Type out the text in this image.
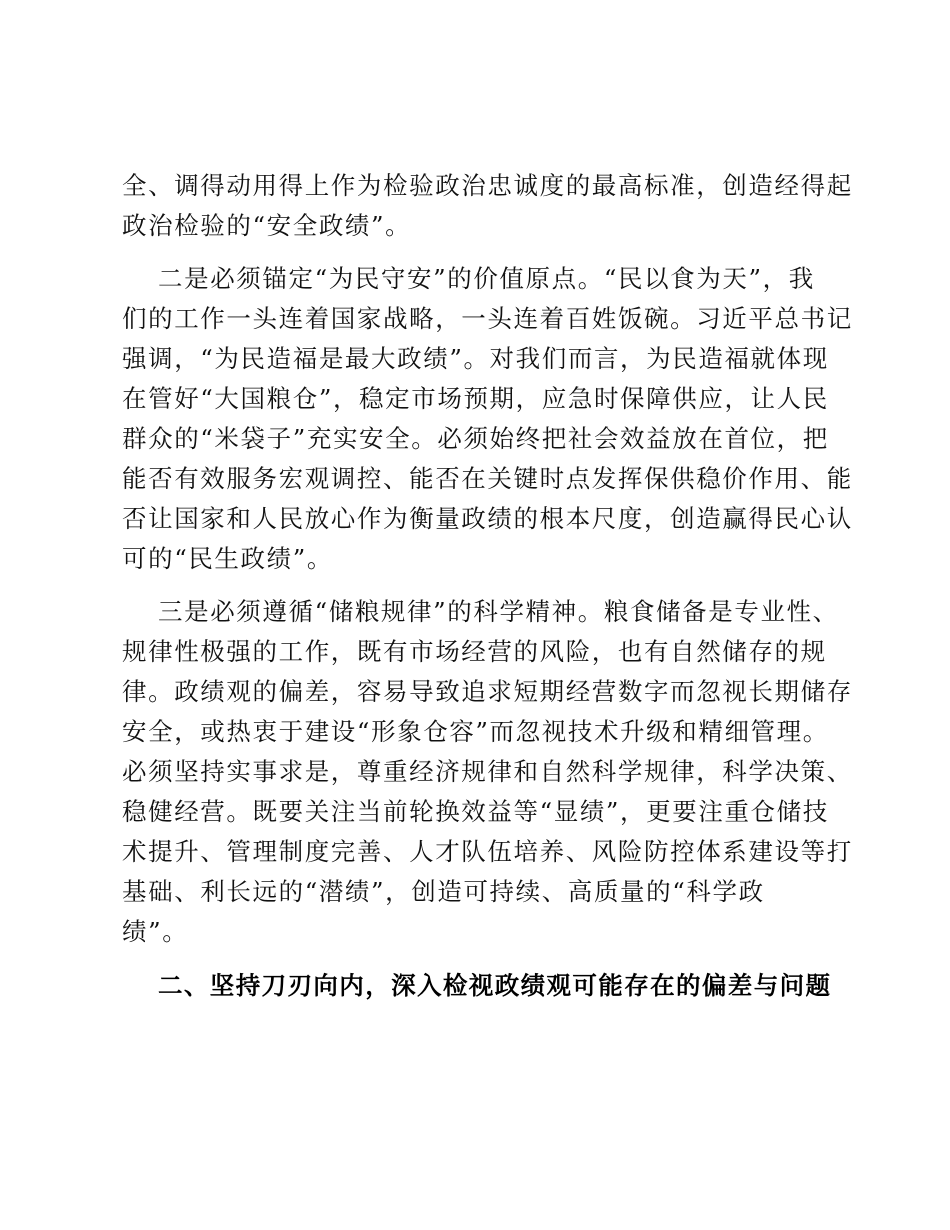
全、调得动用得上作为检验政治忠诚度的最高标准，创造经得起

政治检验的“安全政绩”。

二是必须锚定“为民守安”的价值原点。“民以食为天”，我

们的工作一头连着国家战略，一头连着百姓饭碗。习近平总书记

强调，“为民造福是最大政绩”。对我们而言，为民造福就体现

在管好“大国粮仓”，稳定市场预期，应急时保障供应，让人民

群众的“米袋子”充实安全。必须始终把社会效益放在首位，把

能否有效服务宏观调控、能否在关键时点发挥保供稳价作用、能

否让国家和人民放心作为衡量政绩的根本尺度，创造赢得民心认

可的“民生政绩”。

三是必须遵循“储粮规律”的科学精神。粮食储备是专业性、

规律性极强的工作，既有市场经营的风险，也有自然储存的规

律。政绩观的偏差，容易导致追求短期经营数字而忽视长期储存

安全，或热衷于建设“形象仓容”而忽视技术升级和精细管理。

必须坚持实事求是，尊重经济规律和自然科学规律，科学决策、

稳健经营。既要关注当前轮换效益等“显绩”，更要注重仓储技

术提升、管理制度完善、人才队伍培养、风险防控体系建设等打

基础、利长远的“潜绩”，创造可持续、高质量的“科学政

绩”。

二、坚持刀刃向内，深入检视政绩观可能存在的偏差与问题
